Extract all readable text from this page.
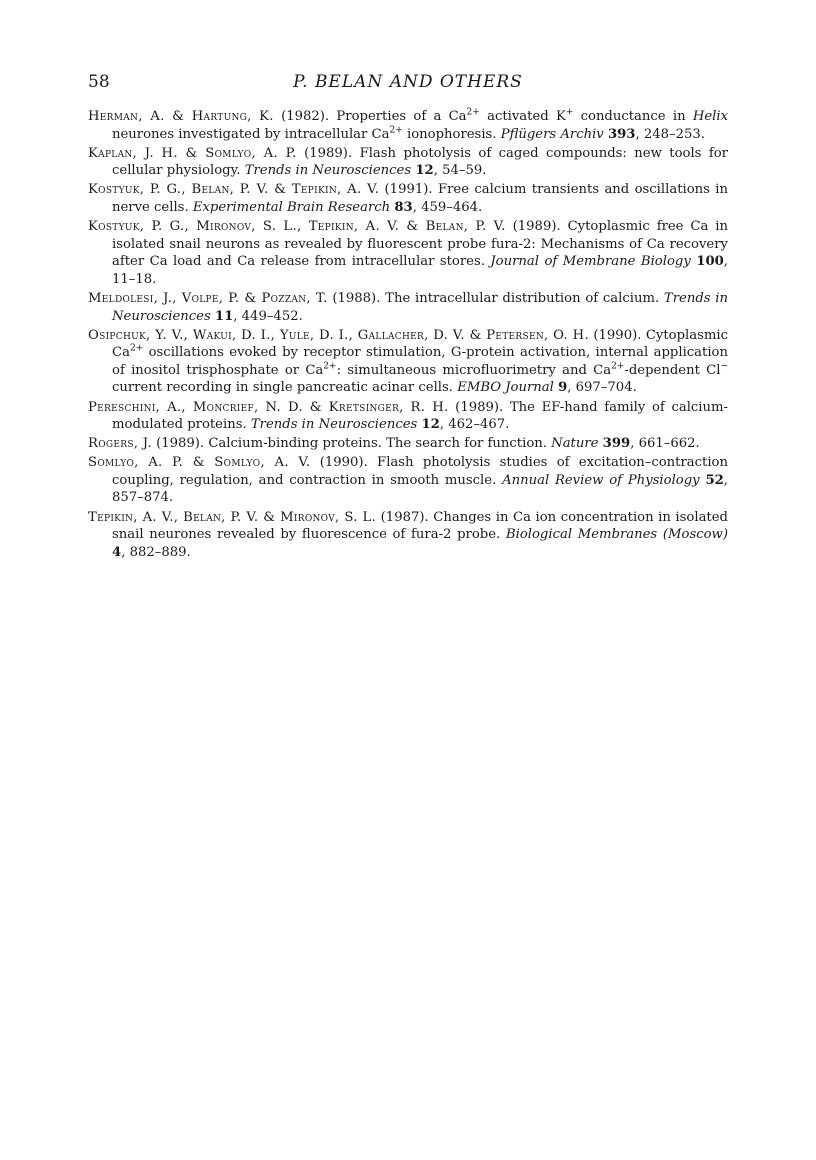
58	P. BELAN AND OTHERS

Herman, A. & Hartung, K. (1982). Properties of a $Ca^{2+}$ activated K+ conductance in Helix neurones investigated by intracellular $Ca^{2+}$ ionophoresis. Pflügers Archiv 393, 248–253.

Kaplan, J. H. & Somlyo, A. P. (1989). Flash photolysis of caged compounds: new tools for cellular physiology. Trends in Neurosciences 12, 54–59.

Kostyuk, P. G., Belan, P. V. & Tepikin, A. V. (1991). Free calcium transients and oscillations in nerve cells. Experimental Brain Research 83, 459–464.

Kostyuk, P. G., Mironov, S. L., Tepikin, A. V. & Belan, P. V. (1989). Cytoplasmic free Ca in isolated snail neurons as revealed by fluorescent probe fura-2: Mechanisms of Ca recovery after Ca load and Ca release from intracellular stores. Journal of Membrane Biology 100, 11–18.

Meldolesi, J., Volpe, P. & Pozzan, T. (1988). The intracellular distribution of calcium. Trends in Neurosciences 11, 449–452.

Osipchuk, Y. V., Wakui, D. I., Yule, D. I., Gallacher, D. V. & Petersen, O. H. (1990). Cytoplasmic $Ca^{2+}$ oscillations evoked by receptor stimulation, G-protein activation, internal application of inositol trisphosphate or $Ca^{2+}$: simultaneous microfluorimetry and $Ca^{2+}$-dependent Cl− current recording in single pancreatic acinar cells. EMBO Journal 9, 697–704.

Pereschini, A., Moncrief, N. D. & Kretsinger, R. H. (1989). The EF-hand family of calcium-modulated proteins. Trends in Neurosciences 12, 462–467.

Rogers, J. (1989). Calcium-binding proteins. The search for function. Nature 399, 661–662.

Somlyo, A. P. & Somlyo, A. V. (1990). Flash photolysis studies of excitation–contraction coupling, regulation, and contraction in smooth muscle. Annual Review of Physiology 52, 857–874.

Tepikin, A. V., Belan, P. V. & Mironov, S. L. (1987). Changes in Ca ion concentration in isolated snail neurones revealed by fluorescence of fura-2 probe. Biological Membranes (Moscow) 4, 882–889.
